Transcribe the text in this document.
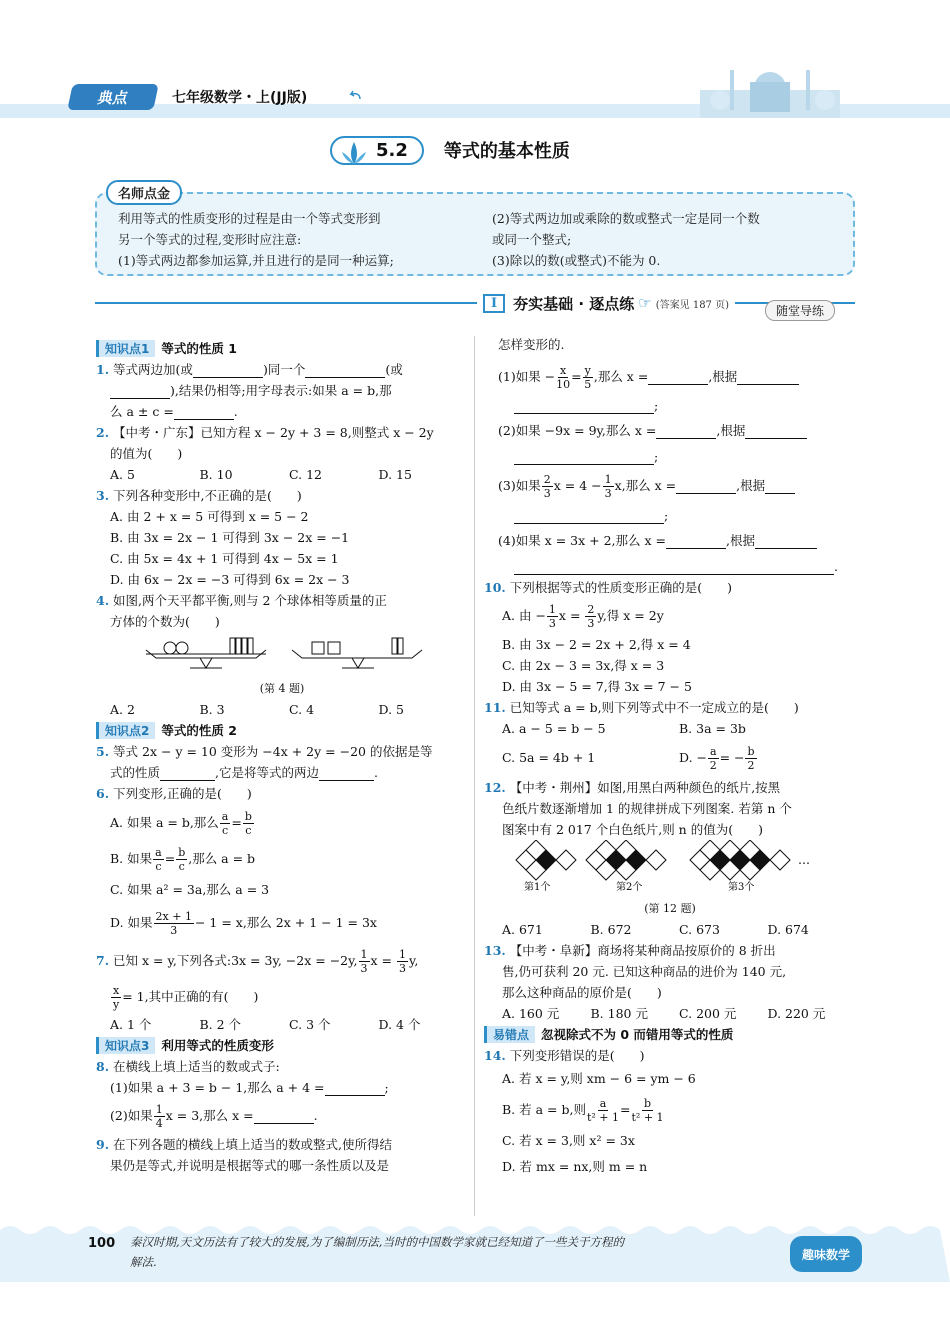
典点	七年级数学・上(JJ版)
5.2	等式的基本性质
名师点金
利用等式的性质变形的过程是由一个等式变形到
另一个等式的过程,变形时应注意:
(1)等式两边都参加运算,并且进行的是同一种运算;
(2)等式两边加或乘除的数或整式一定是同一个数
或同一个整式;
(3)除以的数(或整式)不能为 0.
I	夯实基础 · 逐点练 ☞ (答案见 187 页)	随堂导练
知识点1 等式的性质 1
1. 等式两边加(或	)同一个	(或
),结果仍相等;用字母表示:如果 a = b,那
么 a ± c =	.
2. 【中考・广东】已知方程 x − 2y + 3 = 8,则整式 x − 2y
的值为(　　)
A. 5	B. 10	C. 12	D. 15
3. 下列各种变形中,不正确的是(　　)
A. 由 2 + x = 5 可得到 x = 5 − 2
B. 由 3x = 2x − 1 可得到 3x − 2x = −1
C. 由 5x = 4x + 1 可得到 4x − 5x = 1
D. 由 6x − 2x = −3 可得到 6x = 2x − 3
4. 如图,两个天平都平衡,则与 2 个球体相等质量的正
方体的个数为(　　)
(第 4 题)
A. 2	B. 3	C. 4	D. 5
知识点2 等式的性质 2
5. 等式 2x − y = 10 变形为 −4x + 2y = −20 的依据是等
式的性质	,它是将等式的两边	.
6. 下列变形,正确的是(　　)
A. 如果 a = b,那么 $\frac{a}{c} = \frac{b}{c}$
B. 如果 $\frac{a}{c} = \frac{b}{c}$ ,那么 a = b
C. 如果 a² = 3a,那么 a = 3
D. 如果 $\frac{2x + 1}{3} - 1 = x$,那么 2x + 1 − 1 = 3x
7. 已知 x = y,下列各式:3x = 3y, −2x = −2y, $\frac{1}{3}$ $x = \frac{1}{3} y$,
$\frac{x}{y} = 1$,其中正确的有(　　)
A. 1 个	B. 2 个	C. 3 个	D. 4 个
知识点3 利用等式的性质变形
8. 在横线上填上适当的数或式子:
(1)如果 a + 3 = b − 1,那么 a + 4 =	;
(2)如果 $\frac{1}{4}$ x = 3,那么 x =	.
9. 在下列各题的横线上填上适当的数或整式,使所得结
果仍是等式,并说明是根据等式的哪一条性质以及是
怎样变形的.
(1)如果 − $\frac{x}{10} = \frac{y}{5}$ ,那么 x =	,根据
;
(2)如果 −9x = 9y,那么 x =	,根据
;
(3)如果 $\frac{2}{3}$ $x = 4 - \frac{1}{3} x$,那么 x =	,根据
;
(4)如果 x = 3x + 2,那么 x =	,根据
.
10. 下列根据等式的性质变形正确的是(　　)
A. 由 − $\frac{1}{3}$ $x = \frac{2}{3} y$,得 x = 2y
B. 由 3x − 2 = 2x + 2,得 x = 4
C. 由 2x − 3 = 3x,得 x = 3
D. 由 3x − 5 = 7,得 3x = 7 − 5
11. 已知等式 a = b,则下列等式中不一定成立的是(　　)
A. a − 5 = b − 5	B. 3a = 3b
C. 5a = 4b + 1	D. − $\frac{a}{2}$ = − $\frac{b}{2}$
12. 【中考・荆州】如图,用黑白两种颜色的纸片,按黑
色纸片数逐渐增加 1 的规律拼成下列图案. 若第 n 个
图案中有 2 017 个白色纸片,则 n 的值为(　　)
第1个	第2个	第3个
…
(第 12 题)
A. 671	B. 672	C. 673	D. 674
13. 【中考・阜新】商场将某种商品按原价的 8 折出
售,仍可获利 20 元. 已知这种商品的进价为 140 元,
那么这种商品的原价是(　　)
A. 160 元	B. 180 元	C. 200 元	D. 220 元
易错点 忽视除式不为 0 而错用等式的性质
14. 下列变形错误的是(　　)
A. 若 x = y,则 xm − 6 = ym − 6
B. 若 a = b,则 $\frac{a}{\text{t² + 1}} = \frac{b}{\text{t² + 1}}$
C. 若 x = 3,则 x² = 3x
D. 若 mx = nx,则 m = n
100 秦汉时期,天文历法有了较大的发展,为了编制历法,当时的中国数学家就已经知道了一些关于方程的
解法.
趣味数学
